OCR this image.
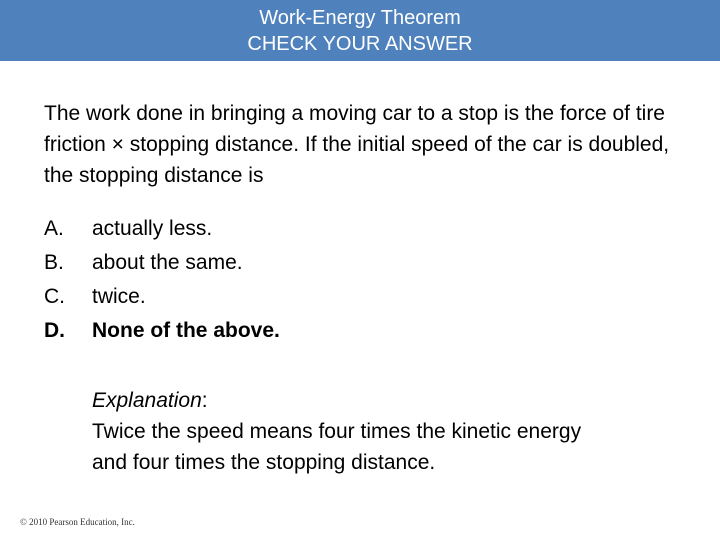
Work-Energy Theorem
CHECK YOUR ANSWER

The work done in bringing a moving car to a stop is the force of tire friction × stopping distance. If the initial speed of the car is doubled, the stopping distance is

A.	actually less.
B.	about the same.
C.	twice.
D.	None of the above.

Explanation:
Twice the speed means four times the kinetic energy
and four times the stopping distance.

© 2010 Pearson Education, Inc.
